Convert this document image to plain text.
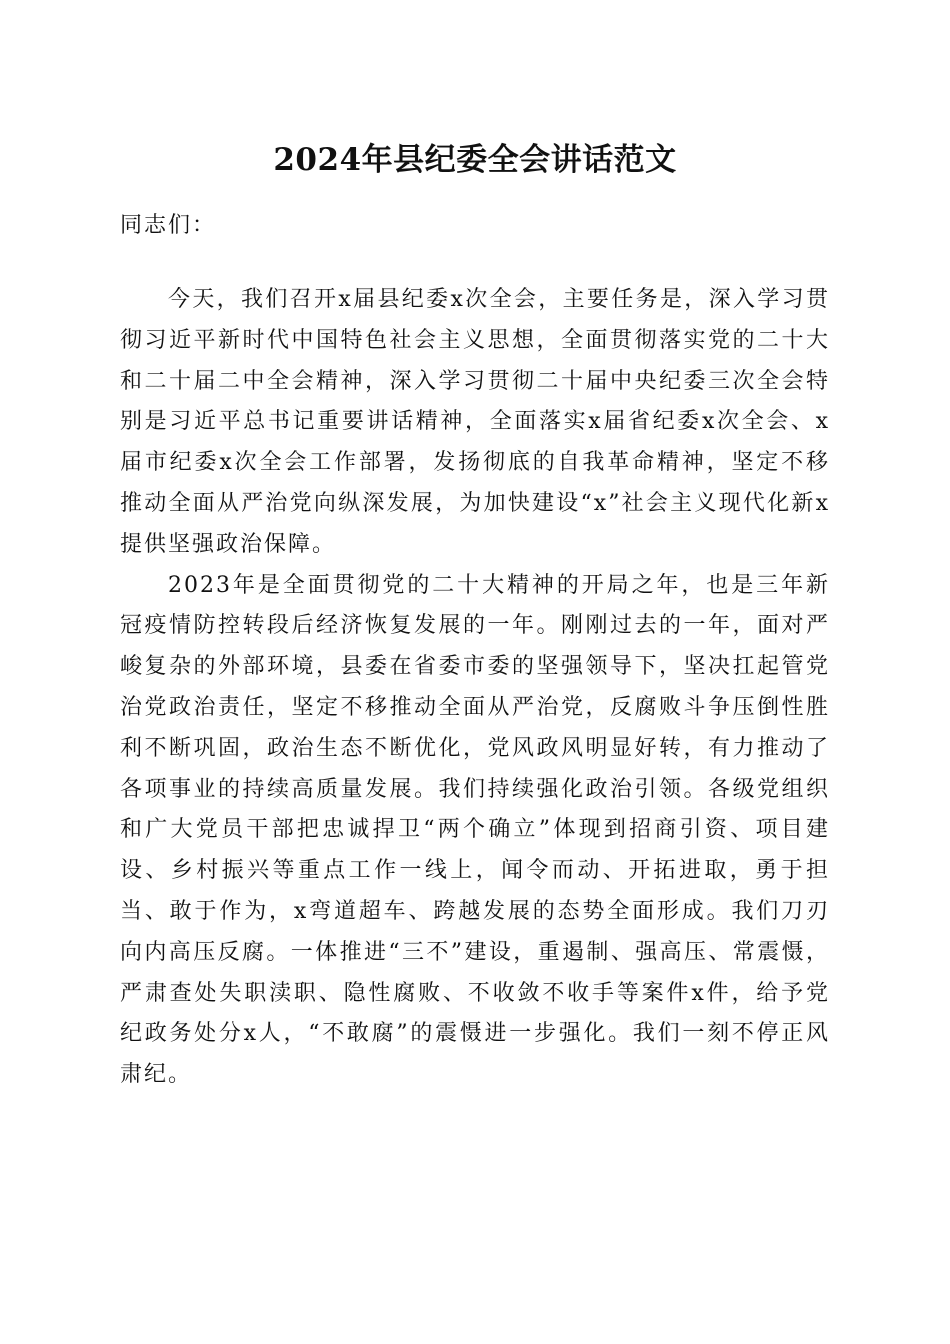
2024年县纪委全会讲话范文
同志们：

今天，我们召开x届县纪委x次全会，主要任务是，深入学习贯彻习近平新时代中国特色社会主义思想，全面贯彻落实党的二十大和二十届二中全会精神，深入学习贯彻二十届中央纪委三次全会特别是习近平总书记重要讲话精神，全面落实x届省纪委x次全会、x届市纪委x次全会工作部署，发扬彻底的自我革命精神，坚定不移推动全面从严治党向纵深发展，为加快建设“x”社会主义现代化新x提供坚强政治保障。

2023年是全面贯彻党的二十大精神的开局之年，也是三年新冠疫情防控转段后经济恢复发展的一年。刚刚过去的一年，面对严峻复杂的外部环境，县委在省委市委的坚强领导下，坚决扛起管党治党政治责任，坚定不移推动全面从严治党，反腐败斗争压倒性胜利不断巩固，政治生态不断优化，党风政风明显好转，有力推动了各项事业的持续高质量发展。我们持续强化政治引领。各级党组织和广大党员干部把忠诚捍卫“两个确立”体现到招商引资、项目建设、乡村振兴等重点工作一线上，闻令而动、开拓进取，勇于担当、敢于作为，x弯道超车、跨越发展的态势全面形成。我们刀刃向内高压反腐。一体推进“三不”建设，重遏制、强高压、常震慑，严肃查处失职渎职、隐性腐败、不收敛不收手等案件x件，给予党纪政务处分x人，“不敢腐”的震慑进一步强化。我们一刻不停正风肃纪。
